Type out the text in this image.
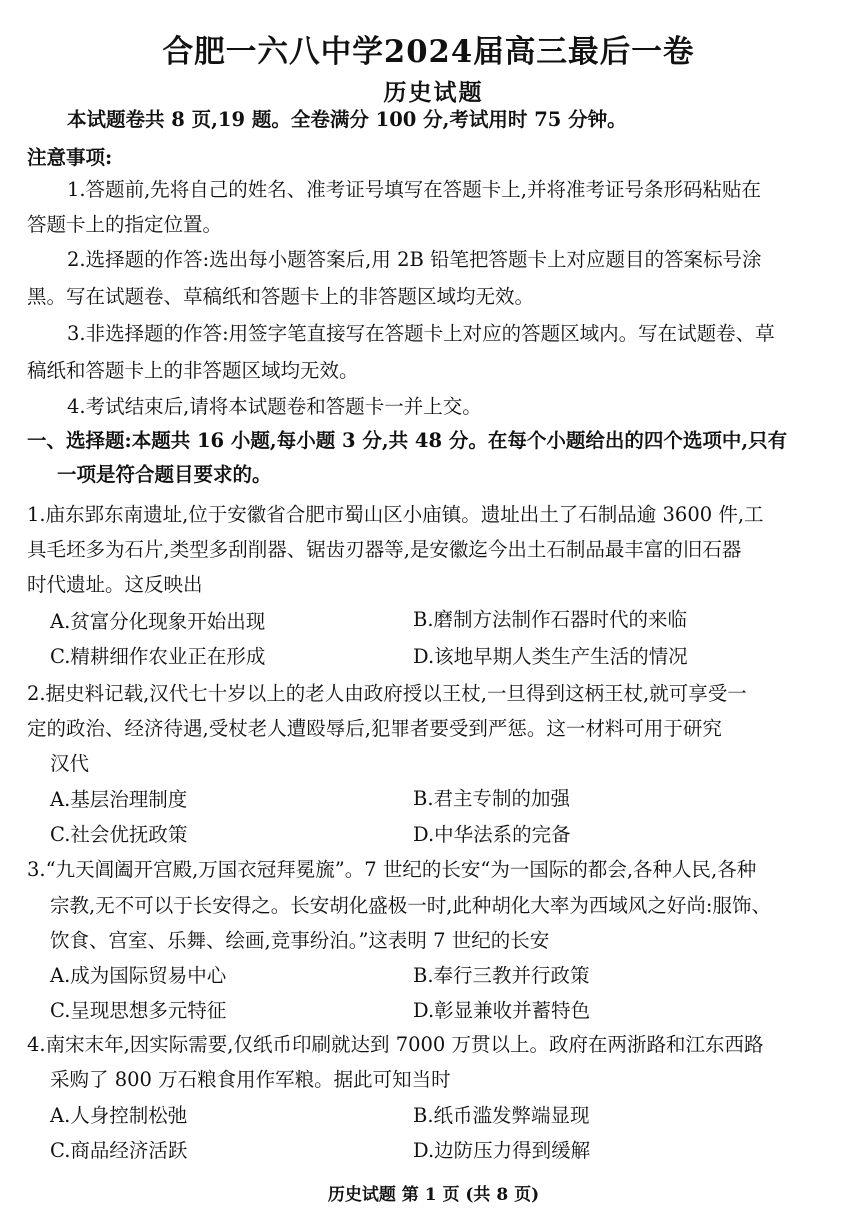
合肥一六八中学2024届高三最后一卷
历史试题
本试题卷共 8 页,19 题。全卷满分 100 分,考试用时 75 分钟。
注意事项:
1.答题前,先将自己的姓名、准考证号填写在答题卡上,并将准考证号条形码粘贴在
答题卡上的指定位置。
2.选择题的作答:选出每小题答案后,用 2B 铅笔把答题卡上对应题目的答案标号涂
黑。写在试题卷、草稿纸和答题卡上的非答题区域均无效。
3.非选择题的作答:用签字笔直接写在答题卡上对应的答题区域内。写在试题卷、草
稿纸和答题卡上的非答题区域均无效。
4.考试结束后,请将本试题卷和答题卡一并上交。
一、选择题:本题共 16 小题,每小题 3 分,共 48 分。在每个小题给出的四个选项中,只有
一项是符合题目要求的。
1.庙东郢东南遗址,位于安徽省合肥市蜀山区小庙镇。遗址出土了石制品逾 3600 件,工
具毛坯多为石片,类型多刮削器、锯齿刃器等,是安徽迄今出土石制品最丰富的旧石器
时代遗址。这反映出
A.贫富分化现象开始出现	B.磨制方法制作石器时代的来临
C.精耕细作农业正在形成	D.该地早期人类生产生活的情况
2.据史料记载,汉代七十岁以上的老人由政府授以王杖,一旦得到这柄王杖,就可享受一
定的政治、经济待遇,受杖老人遭殴辱后,犯罪者要受到严惩。这一材料可用于研究
汉代
A.基层治理制度	B.君主专制的加强
C.社会优抚政策	D.中华法系的完备
3.“九天阊阖开宫殿,万国衣冠拜冕旒”。7 世纪的长安“为一国际的都会,各种人民,各种
宗教,无不可以于长安得之。长安胡化盛极一时,此种胡化大率为西域风之好尚:服饰、
饮食、宫室、乐舞、绘画,竞事纷泊。”这表明 7 世纪的长安
A.成为国际贸易中心	B.奉行三教并行政策
C.呈现思想多元特征	D.彰显兼收并蓄特色
4.南宋末年,因实际需要,仅纸币印刷就达到 7000 万贯以上。政府在两浙路和江东西路
采购了 800 万石粮食用作军粮。据此可知当时
A.人身控制松弛	B.纸币滥发弊端显现
C.商品经济活跃	D.边防压力得到缓解
历史试题 第 1 页 (共 8 页)
